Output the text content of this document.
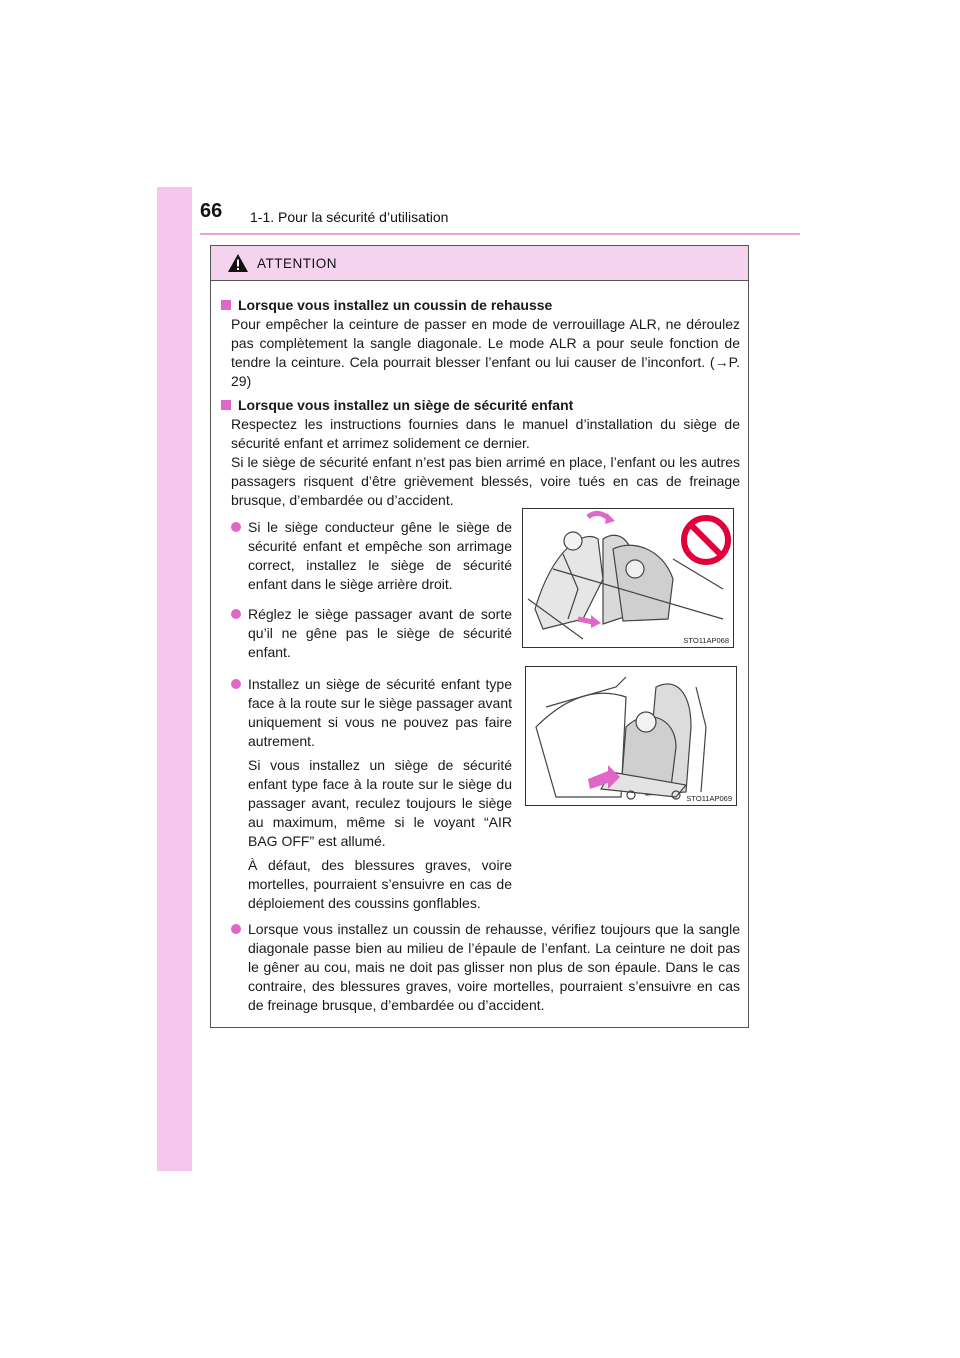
66 1-1. Pour la sécurité d’utilisation
ATTENTION
Lorsque vous installez un coussin de rehausse

Pour empêcher la ceinture de passer en mode de verrouillage ALR, ne déroulez pas complètement la sangle diagonale. Le mode ALR a pour seule fonction de tendre la ceinture. Cela pourrait blesser l’enfant ou lui causer de l’inconfort. (→P. 29)

Lorsque vous installez un siège de sécurité enfant

Respectez les instructions fournies dans le manuel d’installation du siège de sécurité enfant et arrimez solidement ce dernier.

Si le siège de sécurité enfant n’est pas bien arrimé en place, l’enfant ou les autres passagers risquent d’être grièvement blessés, voire tués en cas de freinage brusque, d’embardée ou d’accident.

Si le siège conducteur gêne le siège de sécurité enfant et empêche son arrimage correct, installez le siège de sécurité enfant dans le siège arrière droit.

Réglez le siège passager avant de sorte qu’il ne gêne pas le siège de sécurité enfant.

Installez un siège de sécurité enfant type face à la route sur le siège passager avant uniquement si vous ne pouvez pas faire autrement.

Si vous installez un siège de sécurité enfant type face à la route sur le siège du passager avant, reculez toujours le siège au maximum, même si le voyant “AIR BAG OFF” est allumé.

À défaut, des blessures graves, voire mortelles, pourraient s’ensuivre en cas de déploiement des coussins gonflables.

Lorsque vous installez un coussin de rehausse, vérifiez toujours que la sangle diagonale passe bien au milieu de l’épaule de l’enfant. La ceinture ne doit pas le gêner au cou, mais ne doit pas glisser non plus de son épaule. Dans le cas contraire, des blessures graves, voire mortelles, pourraient s’ensuivre en cas de freinage brusque, d’embardée ou d’accident.

STO11AP068
STO11AP069
